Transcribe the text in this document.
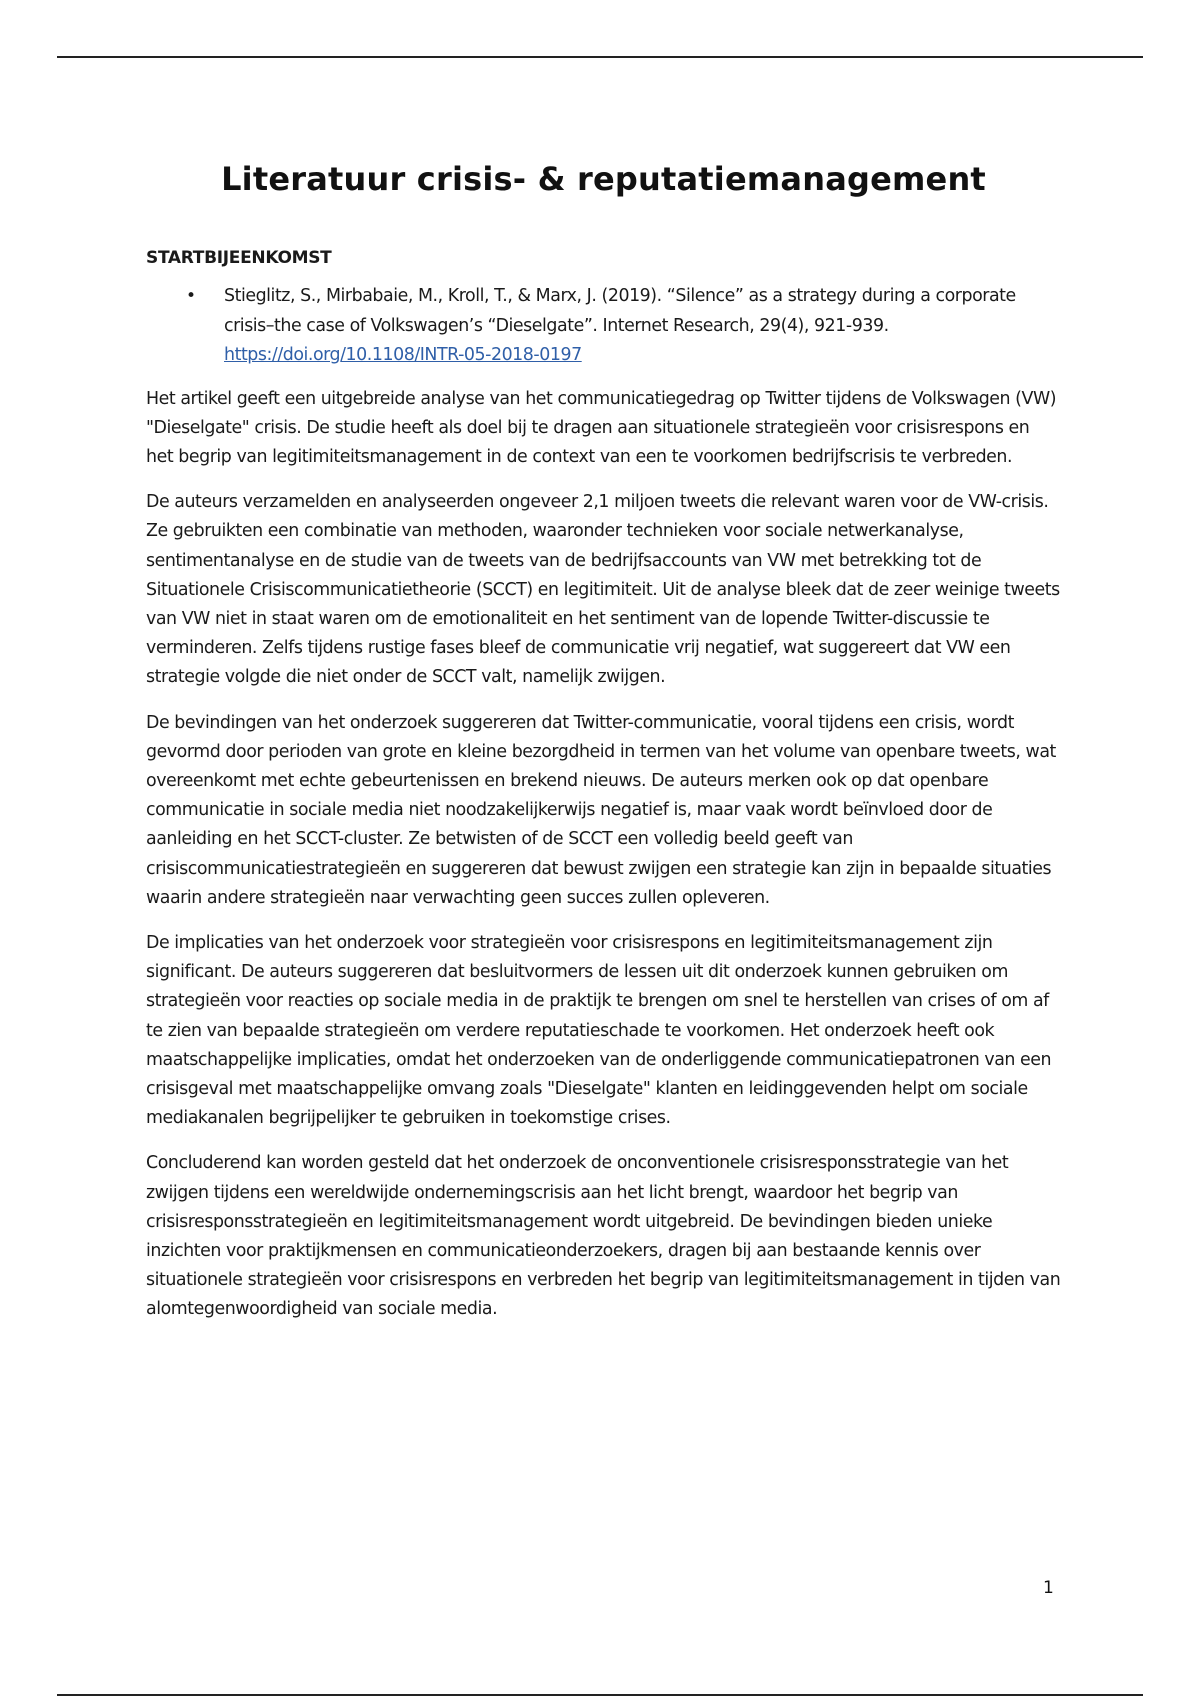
Literatuur crisis- & reputatiemanagement
STARTBIJEENKOMST
• Stieglitz, S., Mirbabaie, M., Kroll, T., & Marx, J. (2019). “Silence” as a strategy during a corporate crisis–the case of Volkswagen’s “Dieselgate”. Internet Research, 29(4), 921-939.
https://doi.org/10.1108/INTR-05-2018-0197

Het artikel geeft een uitgebreide analyse van het communicatiegedrag op Twitter tijdens de Volkswagen (VW) "Dieselgate" crisis. De studie heeft als doel bij te dragen aan situationele strategieën voor crisisrespons en het begrip van legitimiteitsmanagement in de context van een te voorkomen bedrijfscrisis te verbreden.

De auteurs verzamelden en analyseerden ongeveer 2,1 miljoen tweets die relevant waren voor de VW-crisis. Ze gebruikten een combinatie van methoden, waaronder technieken voor sociale netwerkanalyse, sentimentanalyse en de studie van de tweets van de bedrijfsaccounts van VW met betrekking tot de Situationele Crisiscommunicatietheorie (SCCT) en legitimiteit. Uit de analyse bleek dat de zeer weinige tweets van VW niet in staat waren om de emotionaliteit en het sentiment van de lopende Twitter-discussie te verminderen. Zelfs tijdens rustige fases bleef de communicatie vrij negatief, wat suggereert dat VW een strategie volgde die niet onder de SCCT valt, namelijk zwijgen.

De bevindingen van het onderzoek suggereren dat Twitter-communicatie, vooral tijdens een crisis, wordt gevormd door perioden van grote en kleine bezorgdheid in termen van het volume van openbare tweets, wat overeenkomt met echte gebeurtenissen en brekend nieuws. De auteurs merken ook op dat openbare communicatie in sociale media niet noodzakelijkerwijs negatief is, maar vaak wordt beïnvloed door de aanleiding en het SCCT-cluster. Ze betwisten of de SCCT een volledig beeld geeft van crisiscommunicatiestrategieën en suggereren dat bewust zwijgen een strategie kan zijn in bepaalde situaties waarin andere strategieën naar verwachting geen succes zullen opleveren.

De implicaties van het onderzoek voor strategieën voor crisisrespons en legitimiteitsmanagement zijn significant. De auteurs suggereren dat besluitvormers de lessen uit dit onderzoek kunnen gebruiken om strategieën voor reacties op sociale media in de praktijk te brengen om snel te herstellen van crises of om af te zien van bepaalde strategieën om verdere reputatieschade te voorkomen. Het onderzoek heeft ook maatschappelijke implicaties, omdat het onderzoeken van de onderliggende communicatiepatronen van een crisisgeval met maatschappelijke omvang zoals "Dieselgate" klanten en leidinggevenden helpt om sociale mediakanalen begrijpelijker te gebruiken in toekomstige crises.

Concluderend kan worden gesteld dat het onderzoek de onconventionele crisisresponsstrategie van het zwijgen tijdens een wereldwijde ondernemingscrisis aan het licht brengt, waardoor het begrip van crisisresponsstrategieën en legitimiteitsmanagement wordt uitgebreid. De bevindingen bieden unieke inzichten voor praktijkmensen en communicatieonderzoekers, dragen bij aan bestaande kennis over situationele strategieën voor crisisrespons en verbreden het begrip van legitimiteitsmanagement in tijden van alomtegenwoordigheid van sociale media.

1
